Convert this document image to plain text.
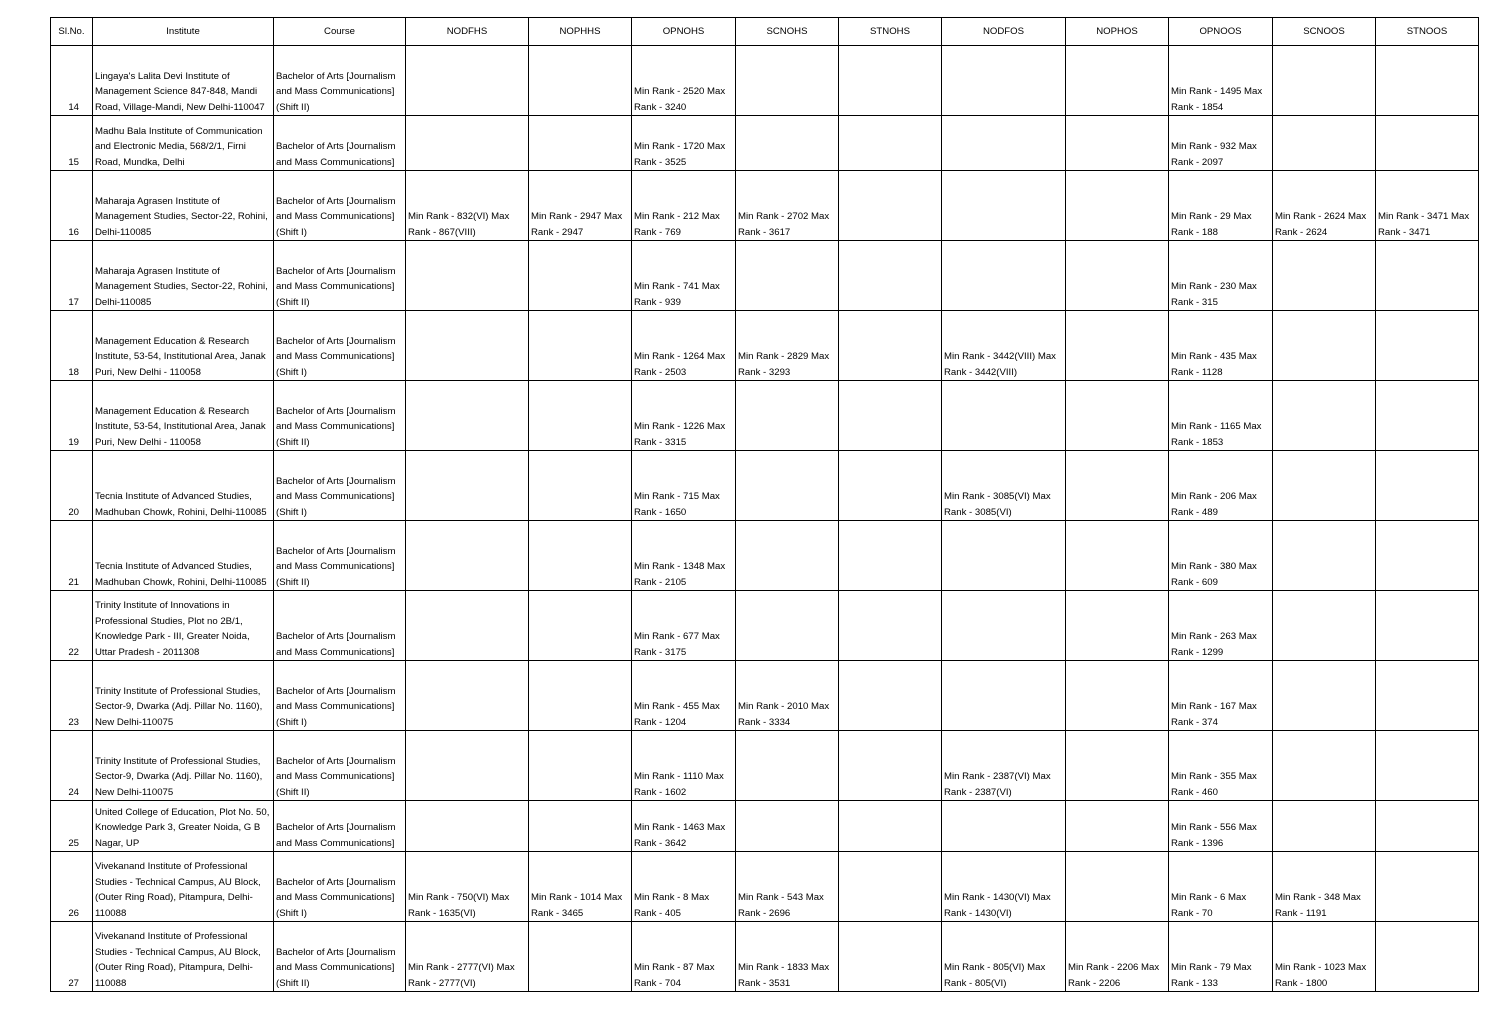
Sl.No.	Institute	Course	NODFHS	NOPHHS	OPNOHS	SCNOHS	STNOHS	NODFOS	NOPHOS	OPNOOS	SCNOOS	STNOOS
14	Lingaya's Lalita Devi Institute of Management Science 847-848, Mandi Road, Village-Mandi, New Delhi-110047	Bachelor of Arts [Journalism and Mass Communications] (Shift II)			Min Rank - 2520 Max Rank - 3240					Min Rank - 1495 Max Rank - 1854		
15	Madhu Bala Institute of Communication and Electronic Media, 568/2/1, Firni Road, Mundka, Delhi	Bachelor of Arts [Journalism and Mass Communications]			Min Rank - 1720 Max Rank - 3525					Min Rank - 932 Max Rank - 2097		
16	Maharaja Agrasen Institute of Management Studies, Sector-22, Rohini, Delhi-110085	Bachelor of Arts [Journalism and Mass Communications] (Shift I)	Min Rank - 832(VI) Max Rank - 867(VIII)	Min Rank - 2947 Max Rank - 2947	Min Rank - 212 Max Rank - 769	Min Rank - 2702 Max Rank - 3617				Min Rank - 29 Max Rank - 188	Min Rank - 2624 Max Rank - 2624	Min Rank - 3471 Max Rank - 3471
17	Maharaja Agrasen Institute of Management Studies, Sector-22, Rohini, Delhi-110085	Bachelor of Arts [Journalism and Mass Communications] (Shift II)			Min Rank - 741 Max Rank - 939					Min Rank - 230 Max Rank - 315		
18	Management Education & Research Institute, 53-54, Institutional Area, Janak Puri, New Delhi - 110058	Bachelor of Arts [Journalism and Mass Communications] (Shift I)			Min Rank - 1264 Max Rank - 2503	Min Rank - 2829 Max Rank - 3293		Min Rank - 3442(VIII) Max Rank - 3442(VIII)		Min Rank - 435 Max Rank - 1128		
19	Management Education & Research Institute, 53-54, Institutional Area, Janak Puri, New Delhi - 110058	Bachelor of Arts [Journalism and Mass Communications] (Shift II)			Min Rank - 1226 Max Rank - 3315					Min Rank - 1165 Max Rank - 1853		
20	Tecnia Institute of Advanced Studies, Madhuban Chowk, Rohini, Delhi-110085	Bachelor of Arts [Journalism and Mass Communications] (Shift I)			Min Rank - 715 Max Rank - 1650			Min Rank - 3085(VI) Max Rank - 3085(VI)		Min Rank - 206 Max Rank - 489		
21	Tecnia Institute of Advanced Studies, Madhuban Chowk, Rohini, Delhi-110085	Bachelor of Arts [Journalism and Mass Communications] (Shift II)			Min Rank - 1348 Max Rank - 2105					Min Rank - 380 Max Rank - 609		
22	Trinity Institute of Innovations in Professional Studies, Plot no 2B/1, Knowledge Park - III, Greater Noida, Uttar Pradesh - 2011308	Bachelor of Arts [Journalism and Mass Communications]			Min Rank - 677 Max Rank - 3175					Min Rank - 263 Max Rank - 1299		
23	Trinity Institute of Professional Studies, Sector-9, Dwarka (Adj. Pillar No. 1160), New Delhi-110075	Bachelor of Arts [Journalism and Mass Communications] (Shift I)			Min Rank - 455 Max Rank - 1204	Min Rank - 2010 Max Rank - 3334				Min Rank - 167 Max Rank - 374		
24	Trinity Institute of Professional Studies, Sector-9, Dwarka (Adj. Pillar No. 1160), New Delhi-110075	Bachelor of Arts [Journalism and Mass Communications] (Shift II)			Min Rank - 1110 Max Rank - 1602			Min Rank - 2387(VI) Max Rank - 2387(VI)		Min Rank - 355 Max Rank - 460		
25	United College of Education, Plot No. 50, Knowledge Park 3, Greater Noida, G B Nagar, UP	Bachelor of Arts [Journalism and Mass Communications]			Min Rank - 1463 Max Rank - 3642					Min Rank - 556 Max Rank - 1396		
26	Vivekanand Institute of Professional Studies - Technical Campus, AU Block,(Outer Ring Road), Pitampura, Delhi-110088	Bachelor of Arts [Journalism and Mass Communications] (Shift I)	Min Rank - 750(VI) Max Rank - 1635(VI)	Min Rank - 1014 Max Rank - 3465	Min Rank - 8 Max Rank - 405	Min Rank - 543 Max Rank - 2696		Min Rank - 1430(VI) Max Rank - 1430(VI)		Min Rank - 6 Max Rank - 70	Min Rank - 348 Max Rank - 1191	
27	Vivekanand Institute of Professional Studies - Technical Campus, AU Block,(Outer Ring Road), Pitampura, Delhi-110088	Bachelor of Arts [Journalism and Mass Communications] (Shift II)	Min Rank - 2777(VI) Max Rank - 2777(VI)		Min Rank - 87 Max Rank - 704	Min Rank - 1833 Max Rank - 3531		Min Rank - 805(VI) Max Rank - 805(VI)	Min Rank - 2206 Max Rank - 2206	Min Rank - 79 Max Rank - 133	Min Rank - 1023 Max Rank - 1800	
